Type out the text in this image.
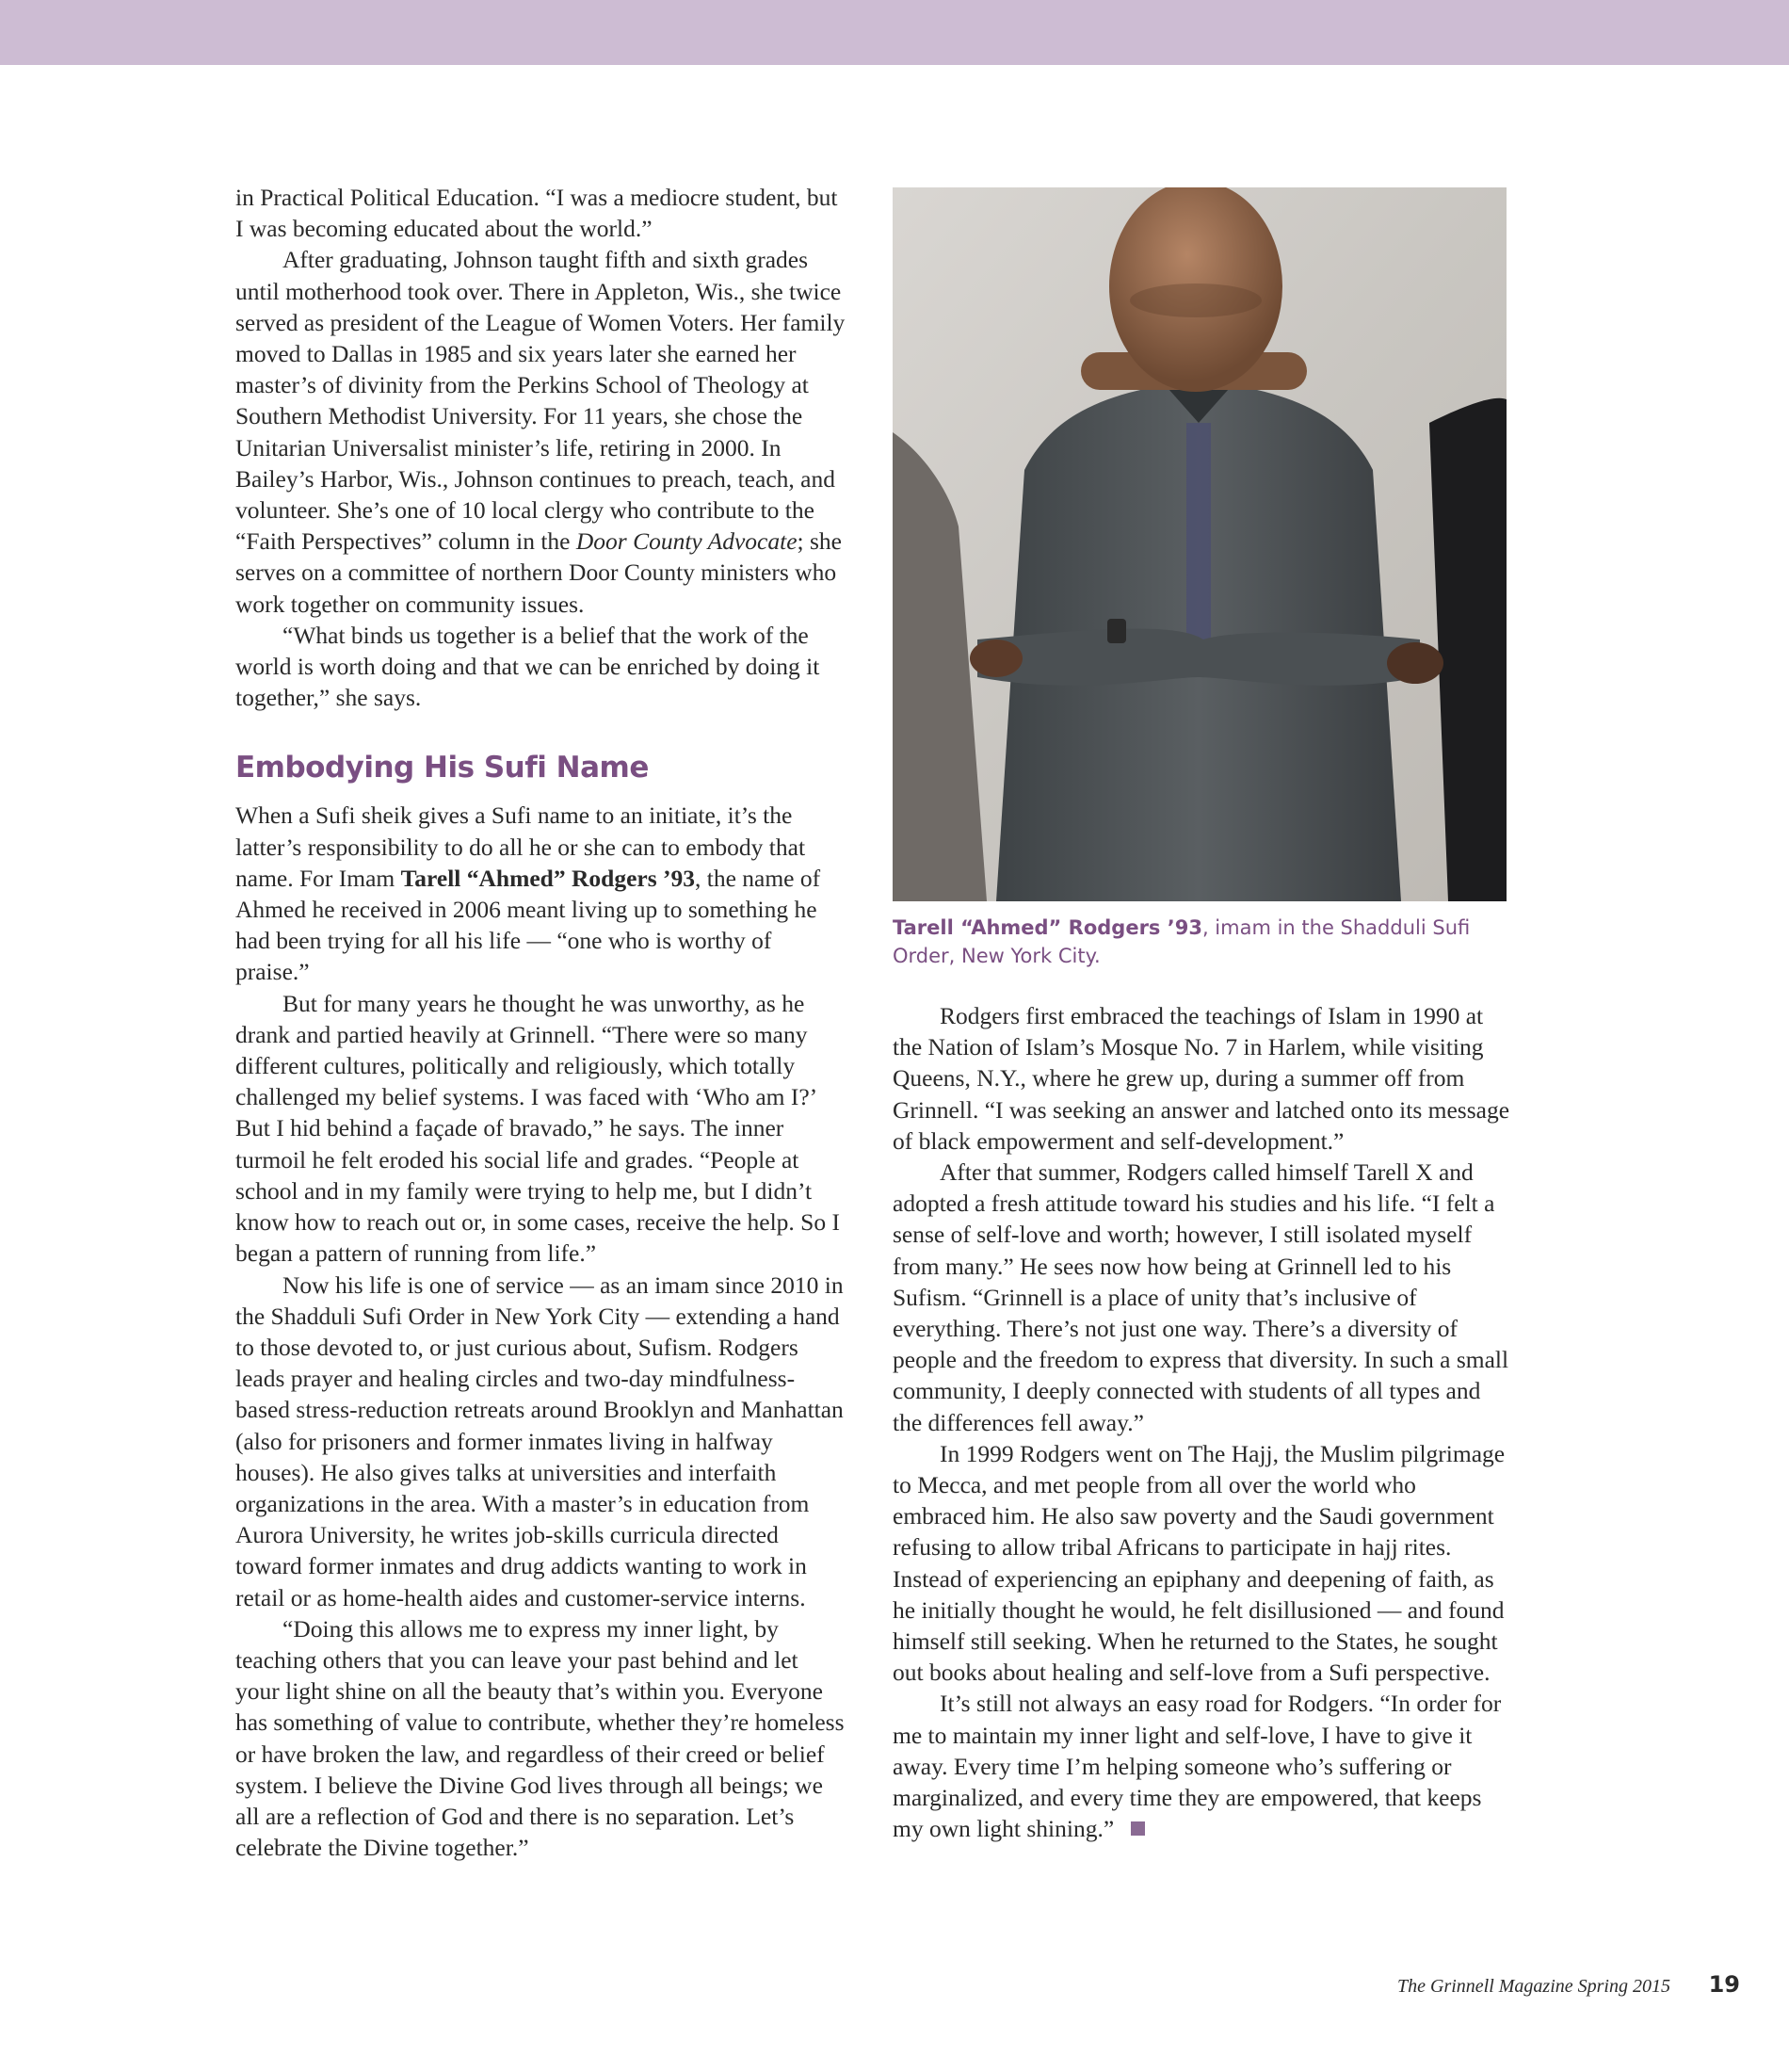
in Practical Political Education. “I was a mediocre student, but I was becoming educated about the world.”

After graduating, Johnson taught fifth and sixth grades until motherhood took over. There in Appleton, Wis., she twice served as president of the League of Women Voters. Her family moved to Dallas in 1985 and six years later she earned her master’s of divinity from the Perkins School of Theology at Southern Methodist University. For 11 years, she chose the Unitarian Universalist minister’s life, retiring in 2000. In Bailey’s Harbor, Wis., Johnson continues to preach, teach, and volunteer. She’s one of 10 local clergy who contribute to the “Faith Perspectives” column in the Door County Advocate; she serves on a committee of northern Door County ministers who work together on community issues.

“What binds us together is a belief that the work of the world is worth doing and that we can be enriched by doing it together,” she says.

Embodying His Sufi Name

When a Sufi sheik gives a Sufi name to an initiate, it’s the latter’s responsibility to do all he or she can to embody that name. For Imam Tarell “Ahmed” Rodgers ’93, the name of Ahmed he received in 2006 meant living up to something he had been trying for all his life — “one who is worthy of praise.”

But for many years he thought he was unworthy, as he drank and partied heavily at Grinnell. “There were so many different cultures, politically and religiously, which totally challenged my belief systems. I was faced with ‘Who am I?’ But I hid behind a façade of bravado,” he says. The inner turmoil he felt eroded his social life and grades. “People at school and in my family were trying to help me, but I didn’t know how to reach out or, in some cases, receive the help. So I began a pattern of running from life.”

Now his life is one of service — as an imam since 2010 in the Shadduli Sufi Order in New York City — extending a hand to those devoted to, or just curious about, Sufism. Rodgers leads prayer and healing circles and two-day mindfulness-based stress-reduction retreats around Brooklyn and Manhattan (also for prisoners and former inmates living in halfway houses). He also gives talks at universities and interfaith organizations in the area. With a master’s in education from Aurora University, he writes job-skills curricula directed toward former inmates and drug addicts wanting to work in retail or as home-health aides and customer-service interns.

“Doing this allows me to express my inner light, by teaching others that you can leave your past behind and let your light shine on all the beauty that’s within you. Everyone has something of value to contribute, whether they’re homeless or have broken the law, and regardless of their creed or belief system. I believe the Divine God lives through all beings; we all are a reflection of God and there is no separation. Let’s celebrate the Divine together.”

Tarell “Ahmed” Rodgers ’93, imam in the Shadduli Sufi Order, New York City.

Rodgers first embraced the teachings of Islam in 1990 at the Nation of Islam’s Mosque No. 7 in Harlem, while visiting Queens, N.Y., where he grew up, during a summer off from Grinnell. “I was seeking an answer and latched onto its message of black empowerment and self-development.”

After that summer, Rodgers called himself Tarell X and adopted a fresh attitude toward his studies and his life. “I felt a sense of self-love and worth; however, I still isolated myself from many.” He sees now how being at Grinnell led to his Sufism. “Grinnell is a place of unity that’s inclusive of everything. There’s not just one way. There’s a diversity of people and the freedom to express that diversity. In such a small community, I deeply connected with students of all types and the differences fell away.”

In 1999 Rodgers went on The Hajj, the Muslim pilgrimage to Mecca, and met people from all over the world who embraced him. He also saw poverty and the Saudi government refusing to allow tribal Africans to participate in hajj rites. Instead of experiencing an epiphany and deepening of faith, as he initially thought he would, he felt disillusioned — and found himself still seeking. When he returned to the States, he sought out books about healing and self-love from a Sufi perspective.

It’s still not always an easy road for Rodgers. “In order for me to maintain my inner light and self-love, I have to give it away. Every time I’m helping someone who’s suffering or marginalized, and every time they are empowered, that keeps my own light shining.”

The Grinnell Magazine Spring 2015 19
